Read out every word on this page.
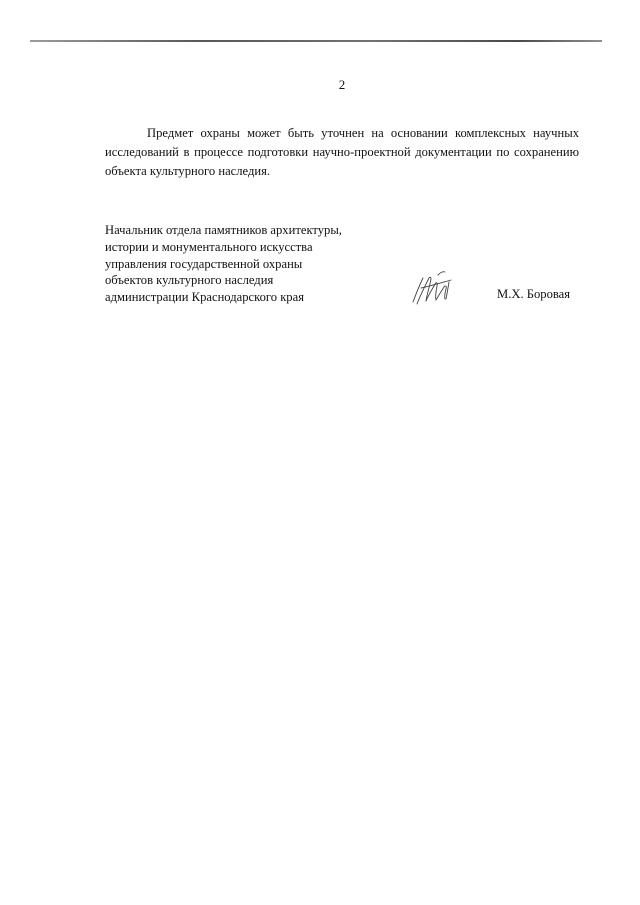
2

Предмет охраны может быть уточнен на основании комплексных научных исследований в процессе подготовки научно-проектной документации по сохранению объекта культурного наследия.

Начальник отдела памятников архитектуры,
истории и монументального искусства
управления государственной охраны
объектов культурного наследия
администрации Краснодарского края	М.Х. Боровая
